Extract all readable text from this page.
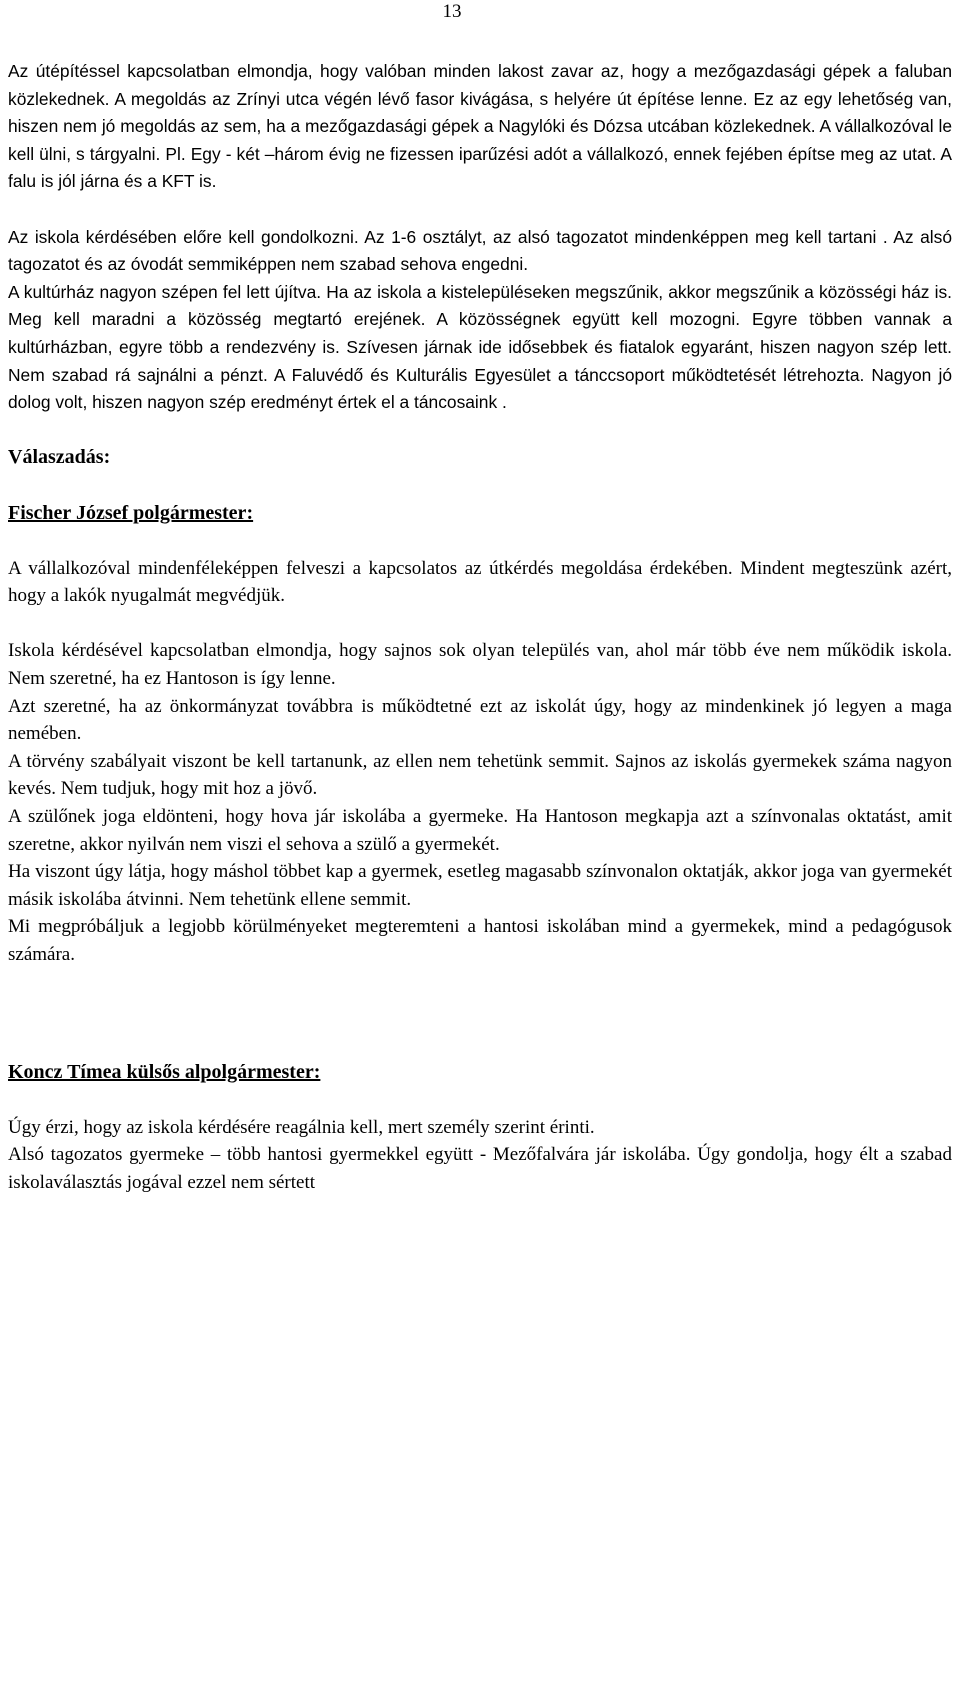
13

Az útépítéssel kapcsolatban elmondja, hogy valóban minden lakost zavar az, hogy a mezőgazdasági gépek a faluban közlekednek. A megoldás az Zrínyi utca végén lévő fasor kivágása, s helyére út építése lenne. Ez az egy lehetőség van, hiszen nem jó megoldás az sem, ha a mezőgazdasági gépek a Nagylóki és Dózsa utcában közlekednek. A vállalkozóval le kell ülni, s tárgyalni. Pl. Egy - két –három évig ne fizessen iparűzési adót a vállalkozó, ennek fejében építse meg az utat. A falu is jól járna és a KFT is.

Az iskola kérdésében előre kell gondolkozni. Az 1-6 osztályt, az alsó tagozatot mindenképpen meg kell tartani . Az alsó tagozatot és az óvodát semmiképpen nem szabad sehova engedni.

A kultúrház nagyon szépen fel lett újítva. Ha az iskola a kistelepüléseken megszűnik, akkor megszűnik a közösségi ház is. Meg kell maradni a közösség megtartó erejének. A közösségnek együtt kell mozogni. Egyre többen vannak a kultúrházban, egyre több a rendezvény is. Szívesen járnak ide idősebbek és fiatalok egyaránt, hiszen nagyon szép lett. Nem szabad rá sajnálni a pénzt. A Faluvédő és Kulturális Egyesület a tánccsoport működtetését létrehozta. Nagyon jó dolog volt, hiszen nagyon szép eredményt értek el a táncosaink .

Válaszadás:

Fischer József polgármester:

A vállalkozóval mindenféleképpen felveszi a kapcsolatos az útkérdés megoldása érdekében. Mindent megteszünk azért, hogy a lakók nyugalmát megvédjük.

Iskola kérdésével kapcsolatban elmondja, hogy sajnos sok olyan település van, ahol már több éve nem működik iskola. Nem szeretné, ha ez Hantoson is így lenne.

Azt szeretné, ha az önkormányzat továbbra is működtetné ezt az iskolát úgy, hogy az mindenkinek jó legyen a maga nemében.

A törvény szabályait viszont be kell tartanunk, az ellen nem tehetünk semmit. Sajnos az iskolás gyermekek száma nagyon kevés. Nem tudjuk, hogy mit hoz a jövő.

A szülőnek joga eldönteni, hogy hova jár iskolába a gyermeke. Ha Hantoson megkapja azt a színvonalas oktatást, amit szeretne, akkor nyilván nem viszi el sehova a szülő a gyermekét.

Ha viszont úgy látja, hogy máshol többet kap a gyermek, esetleg magasabb színvonalon oktatják, akkor joga van gyermekét másik iskolába átvinni. Nem tehetünk ellene semmit.

Mi megpróbáljuk a legjobb körülményeket megteremteni a hantosi iskolában mind a gyermekek, mind a pedagógusok számára.

Koncz Tímea külsős alpolgármester:

Úgy érzi, hogy az iskola kérdésére reagálnia kell, mert személy szerint érinti.

Alsó tagozatos gyermeke – több hantosi gyermekkel együtt - Mezőfalvára jár iskolába. Úgy gondolja, hogy élt a szabad iskolaválasztás jogával ezzel nem sértett
